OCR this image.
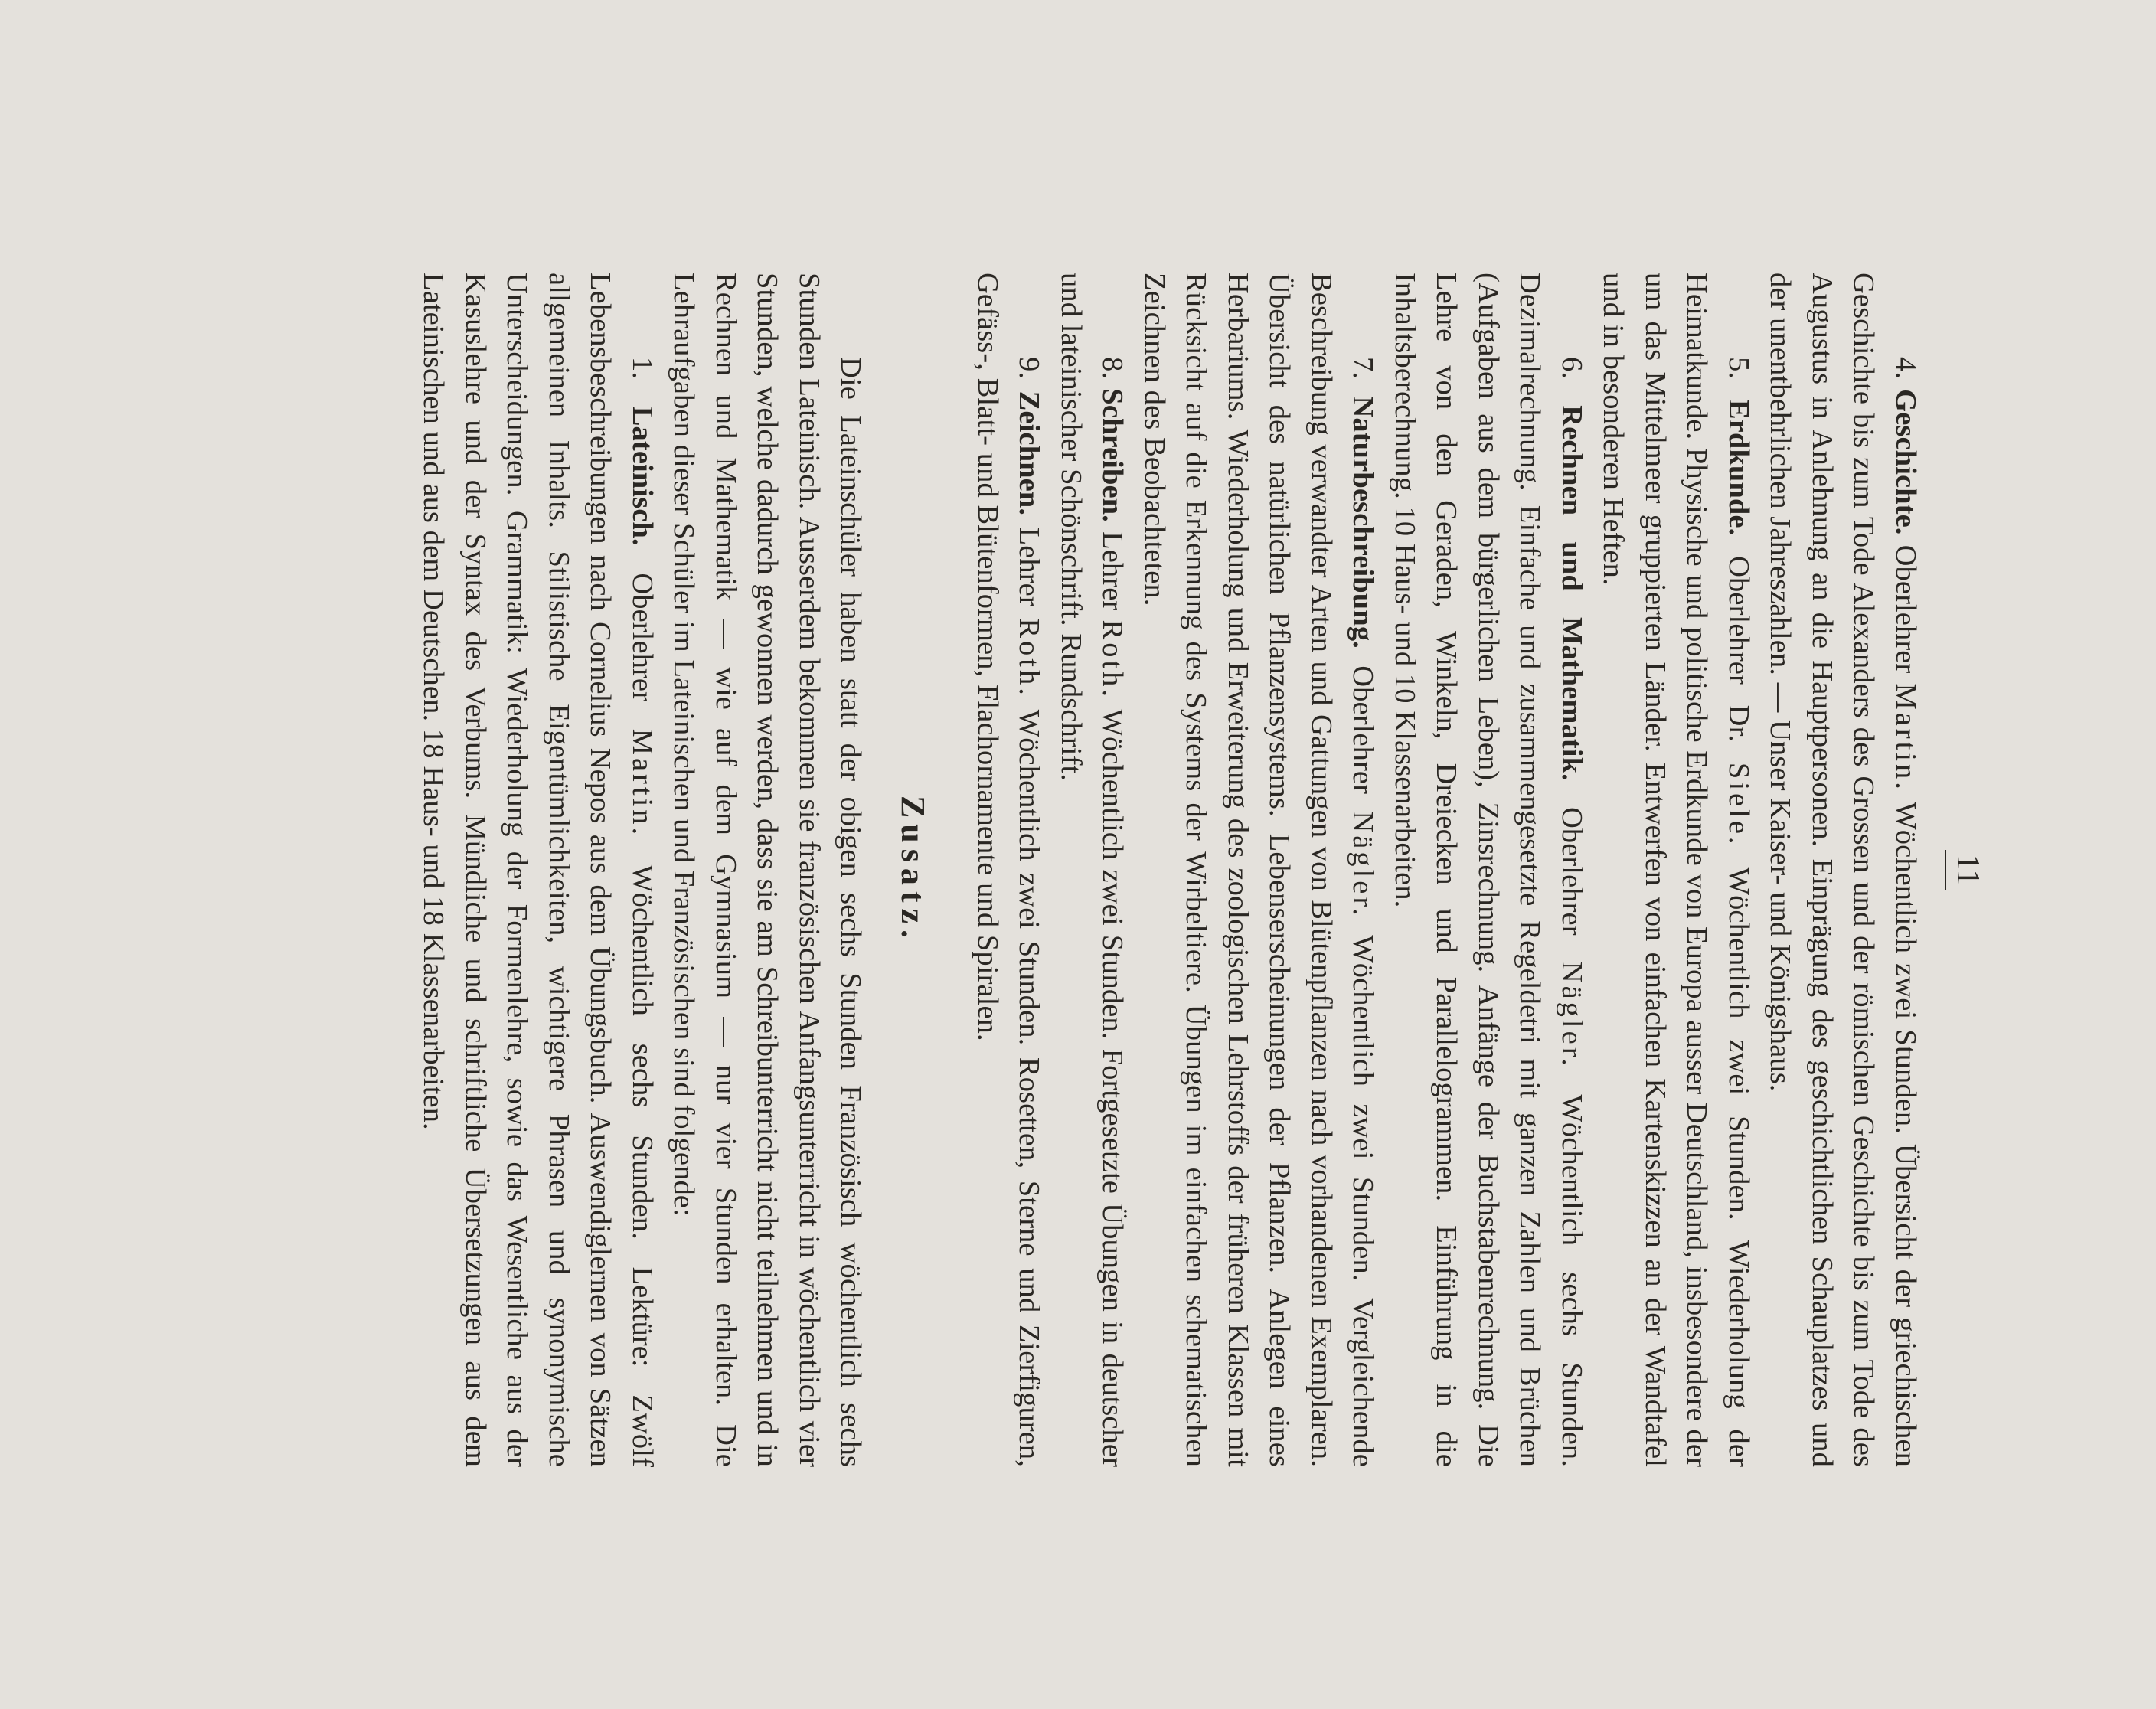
11

4. Geschichte. Oberlehrer Martin. Wöchentlich zwei Stunden. Übersicht der griechischen Geschichte bis zum Tode Alexanders des Grossen und der römischen Geschichte bis zum Tode des Augustus in Anlehnung an die Hauptpersonen. Einprägung des geschichtlichen Schauplatzes und der unentbehrlichen Jahreszahlen. — Unser Kaiser- und Königshaus.

5. Erdkunde. Oberlehrer Dr. Siele. Wöchentlich zwei Stunden. Wiederholung der Heimatkunde. Physische und politische Erdkunde von Europa ausser Deutschland, insbesondere der um das Mittelmeer gruppierten Länder. Entwerfen von einfachen Kartenskizzen an der Wandtafel und in besonderen Heften.

6. Rechnen und Mathematik. Oberlehrer Nägler. Wöchentlich sechs Stunden. Dezimalrechnung. Einfache und zusammengesetzte Regeldetri mit ganzen Zahlen und Brüchen (Aufgaben aus dem bürgerlichen Leben), Zinsrechnung. Anfänge der Buchstabenrechnung. Die Lehre von den Geraden, Winkeln, Dreiecken und Parallelogrammen. Einführung in die Inhaltsberechnung. 10 Haus- und 10 Klassenarbeiten.

7. Naturbeschreibung. Oberlehrer Nägler. Wöchentlich zwei Stunden. Vergleichende Beschreibung verwandter Arten und Gattungen von Blütenpflanzen nach vorhandenen Exemplaren. Übersicht des natürlichen Pflanzensystems. Lebenserscheinungen der Pflanzen. Anlegen eines Herbariums. Wiederholung und Erweiterung des zoologischen Lehrstoffs der früheren Klassen mit Rücksicht auf die Erkennung des Systems der Wirbeltiere. Übungen im einfachen schematischen Zeichnen des Beobachteten.

8. Schreiben. Lehrer Roth. Wöchentlich zwei Stunden. Fortgesetzte Übungen in deutscher und lateinischer Schönschrift. Rundschrift.

9. Zeichnen. Lehrer Roth. Wöchentlich zwei Stunden. Rosetten, Sterne und Zierfiguren, Gefäss-, Blatt- und Blütenformen, Flachornamente und Spiralen.

Zusatz.

Die Lateinschüler haben statt der obigen sechs Stunden Französisch wöchentlich sechs Stunden Lateinisch. Ausserdem bekommen sie französischen Anfangsunterricht in wöchentlich vier Stunden, welche dadurch gewonnen werden, dass sie am Schreibunterricht nicht teilnehmen und in Rechnen und Mathematik — wie auf dem Gymnasium — nur vier Stunden erhalten. Die Lehraufgaben dieser Schüler im Lateinischen und Französischen sind folgende:

1. Lateinisch. Oberlehrer Martin. Wöchentlich sechs Stunden. Lektüre: Zwölf Lebensbeschreibungen nach Cornelius Nepos aus dem Übungsbuch. Auswendiglernen von Sätzen allgemeinen Inhalts. Stilistische Eigentümlichkeiten, wichtigere Phrasen und synonymische Unterscheidungen. Grammatik: Wiederholung der Formenlehre, sowie das Wesentliche aus der Kasuslehre und der Syntax des Verbums. Mündliche und schriftliche Übersetzungen aus dem Lateinischen und aus dem Deutschen. 18 Haus- und 18 Klassenarbeiten.
